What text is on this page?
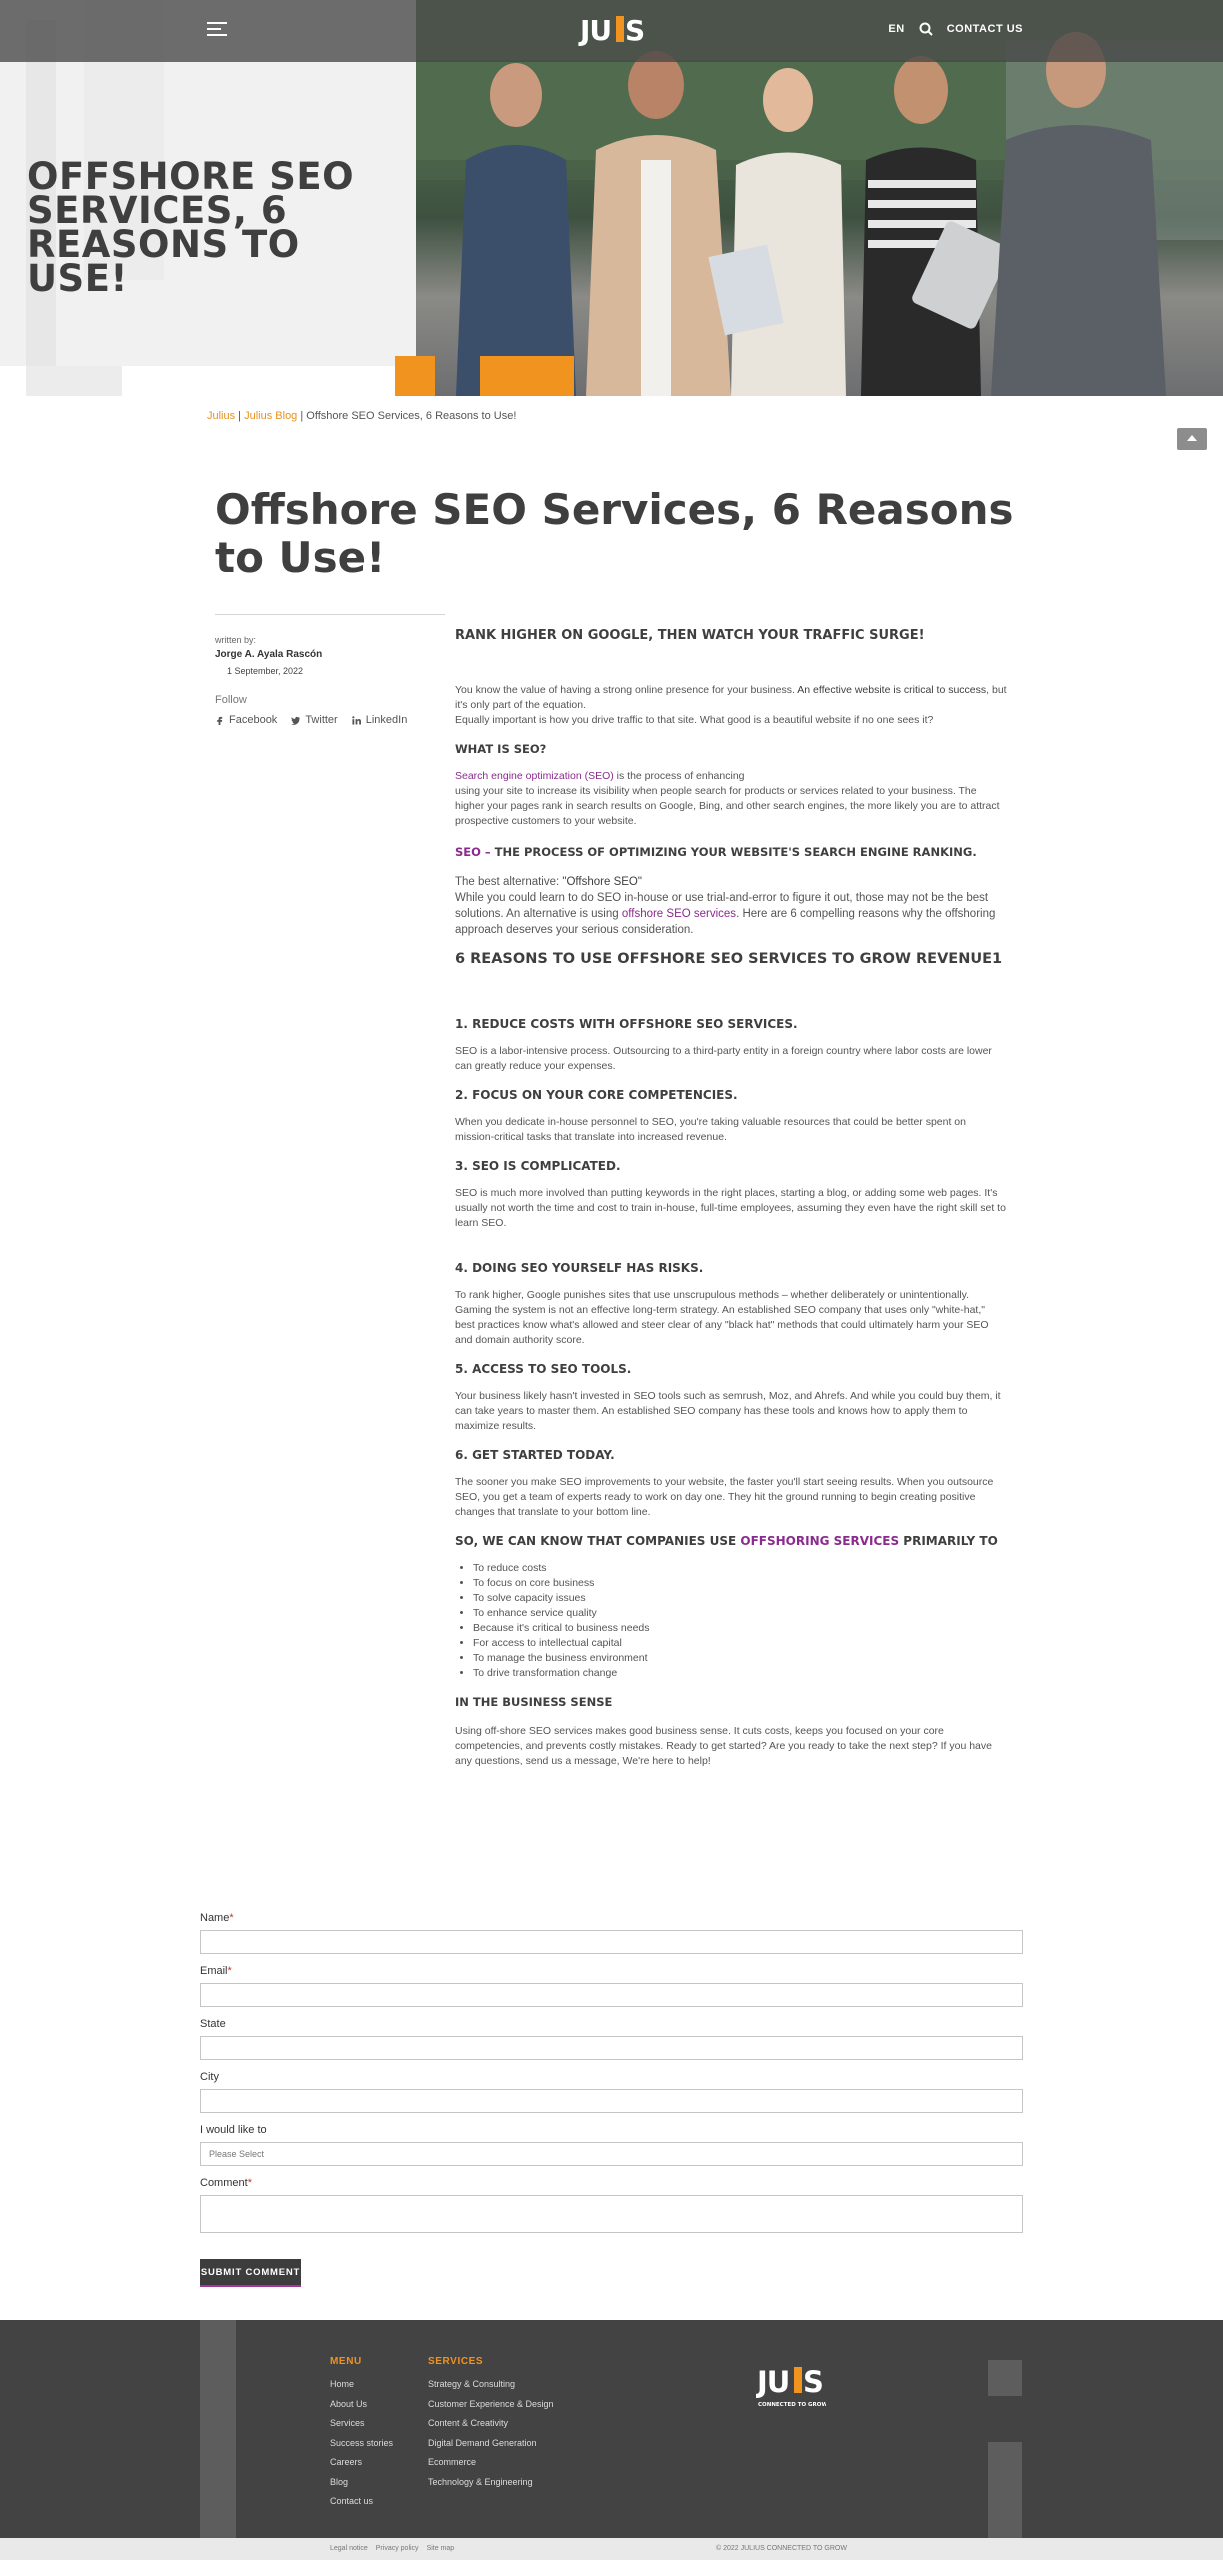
OFFSHORE SEO SERVICES, 6 REASONS TO USE!
JU S	EN	CONTACT US
Julius | Julius Blog | Offshore SEO Services, 6 Reasons to Use!
Offshore SEO Services, 6 Reasons to Use!
written by:
Jorge A. Ayala Rascón
1 September, 2022
Follow
Facebook	Twitter	LinkedIn
RANK HIGHER ON GOOGLE, THEN WATCH YOUR TRAFFIC SURGE!

You know the value of having a strong online presence for your business. An effective website is critical to success, but it's only part of the equation.
Equally important is how you drive traffic to that site. What good is a beautiful website if no one sees it?

WHAT IS SEO?

Search engine optimization (SEO) is the process of enhancing
using your site to increase its visibility when people search for products or services related to your business. The higher your pages rank in search results on Google, Bing, and other search engines, the more likely you are to attract prospective customers to your website.

SEO – THE PROCESS OF OPTIMIZING YOUR WEBSITE'S SEARCH ENGINE RANKING.

The best alternative: "Offshore SEO"
While you could learn to do SEO in-house or use trial-and-error to figure it out, those may not be the best solutions. An alternative is using offshore SEO services. Here are 6 compelling reasons why the offshoring approach deserves your serious consideration.

6 REASONS TO USE OFFSHORE SEO SERVICES TO GROW REVENUE1
1. REDUCE COSTS WITH OFFSHORE SEO SERVICES.

SEO is a labor-intensive process. Outsourcing to a third-party entity in a foreign country where labor costs are lower can greatly reduce your expenses.

2. FOCUS ON YOUR CORE COMPETENCIES.

When you dedicate in-house personnel to SEO, you're taking valuable resources that could be better spent on mission-critical tasks that translate into increased revenue.

3. SEO IS COMPLICATED.

SEO is much more involved than putting keywords in the right places, starting a blog, or adding some web pages. It's usually not worth the time and cost to train in-house, full-time employees, assuming they even have the right skill set to learn SEO.

4. DOING SEO YOURSELF HAS RISKS.

To rank higher, Google punishes sites that use unscrupulous methods – whether deliberately or unintentionally. Gaming the system is not an effective long-term strategy. An established SEO company that uses only "white-hat," best practices know what's allowed and steer clear of any "black hat" methods that could ultimately harm your SEO and domain authority score.

5. ACCESS TO SEO TOOLS.

Your business likely hasn't invested in SEO tools such as semrush, Moz, and Ahrefs. And while you could buy them, it can take years to master them. An established SEO company has these tools and knows how to apply them to maximize results.

6. GET STARTED TODAY.

The sooner you make SEO improvements to your website, the faster you'll start seeing results. When you outsource SEO, you get a team of experts ready to work on day one. They hit the ground running to begin creating positive changes that translate to your bottom line.

SO, WE CAN KNOW THAT COMPANIES USE OFFSHORING SERVICES PRIMARILY TO
• To reduce costs
• To focus on core business
• To solve capacity issues
• To enhance service quality
• Because it's critical to business needs
• For access to intellectual capital
• To manage the business environment
• To drive transformation change
IN THE BUSINESS SENSE

Using off-shore SEO services makes good business sense. It cuts costs, keeps you focused on your core competencies, and prevents costly mistakes. Ready to get started? Are you ready to take the next step? If you have any questions, send us a message, We're here to help!

Name*
Email*
State
City
I would like to
Please Select
Comment*
SUBMIT COMMENT
MENU
Home
About Us
Services
Success stories
Careers
Blog
Contact us
SERVICES
Strategy & Consulting
Customer Experience & Design
Content & Creativity
Digital Demand Generation
Ecommerce
Technology & Engineering
JU S
CONNECTED TO GROW
Legal notice Privacy policy Site map	© 2022 JULIUS CONNECTED TO GROW
